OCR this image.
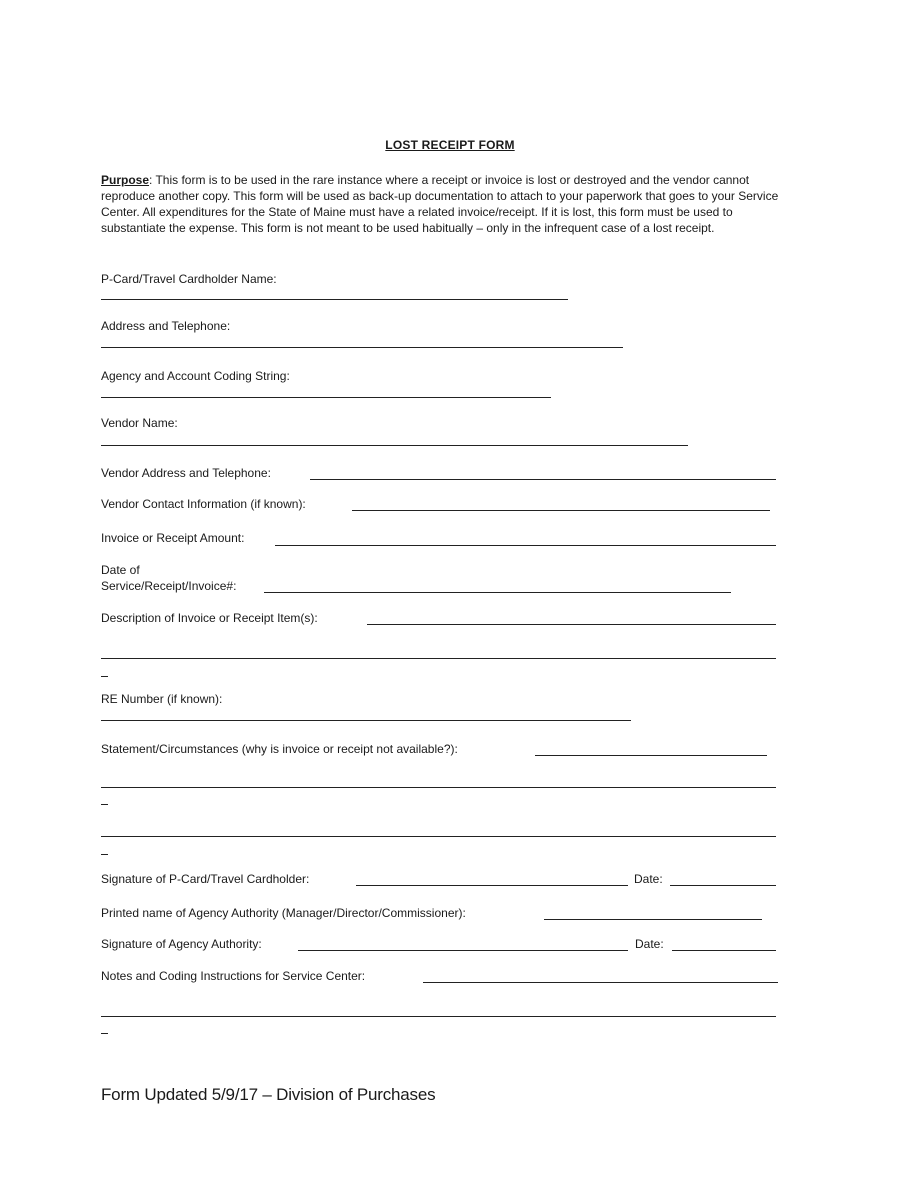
LOST RECEIPT FORM
Purpose: This form is to be used in the rare instance where a receipt or invoice is lost or destroyed and the vendor cannot reproduce another copy. This form will be used as back-up documentation to attach to your paperwork that goes to your Service Center. All expenditures for the State of Maine must have a related invoice/receipt. If it is lost, this form must be used to substantiate the expense. This form is not meant to be used habitually – only in the infrequent case of a lost receipt.
P-Card/Travel Cardholder Name:
Address and Telephone:
Agency and Account Coding String:
Vendor Name:
Vendor Address and Telephone:
Vendor Contact Information (if known):
Invoice or Receipt Amount:
Date of
Service/Receipt/Invoice#:
Description of Invoice or Receipt Item(s):
RE Number (if known):
Statement/Circumstances (why is invoice or receipt not available?):
Signature of P-Card/Travel Cardholder:	Date:
Printed name of Agency Authority (Manager/Director/Commissioner):
Signature of Agency Authority:	Date:
Notes and Coding Instructions for Service Center:
Form Updated 5/9/17 – Division of Purchases
